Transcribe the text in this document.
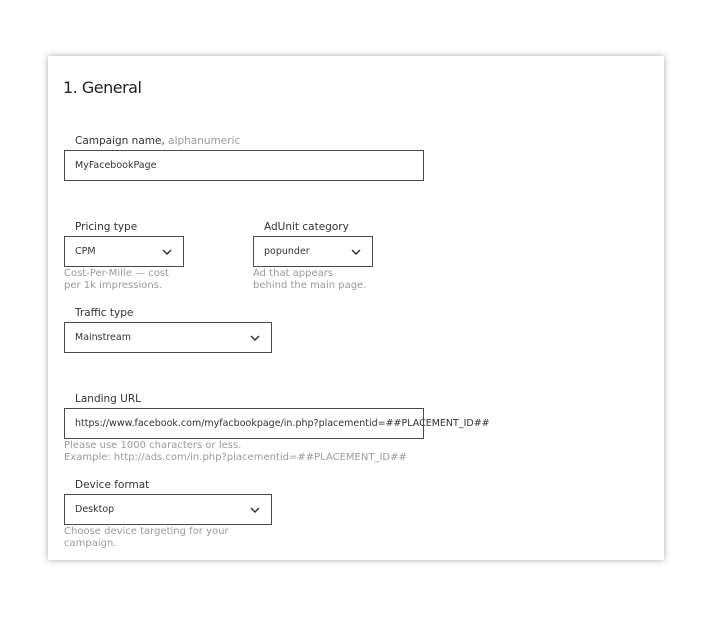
1. General
Campaign name, alphanumeric
MyFacebookPage
Pricing type
CPM
Cost-Per-Mille — cost
per 1k impressions.
AdUnit category
popunder
Ad that appears
behind the main page.
Traffic type
Mainstream
Landing URL
https://www.facebook.com/myfacbookpage/in.php?placementid=##PLACEMENT_ID##
Please use 1000 characters or less.
Example: http://ads.com/in.php?placementid=##PLACEMENT_ID##
Device format
Desktop
Choose device targeting for your
campaign.
